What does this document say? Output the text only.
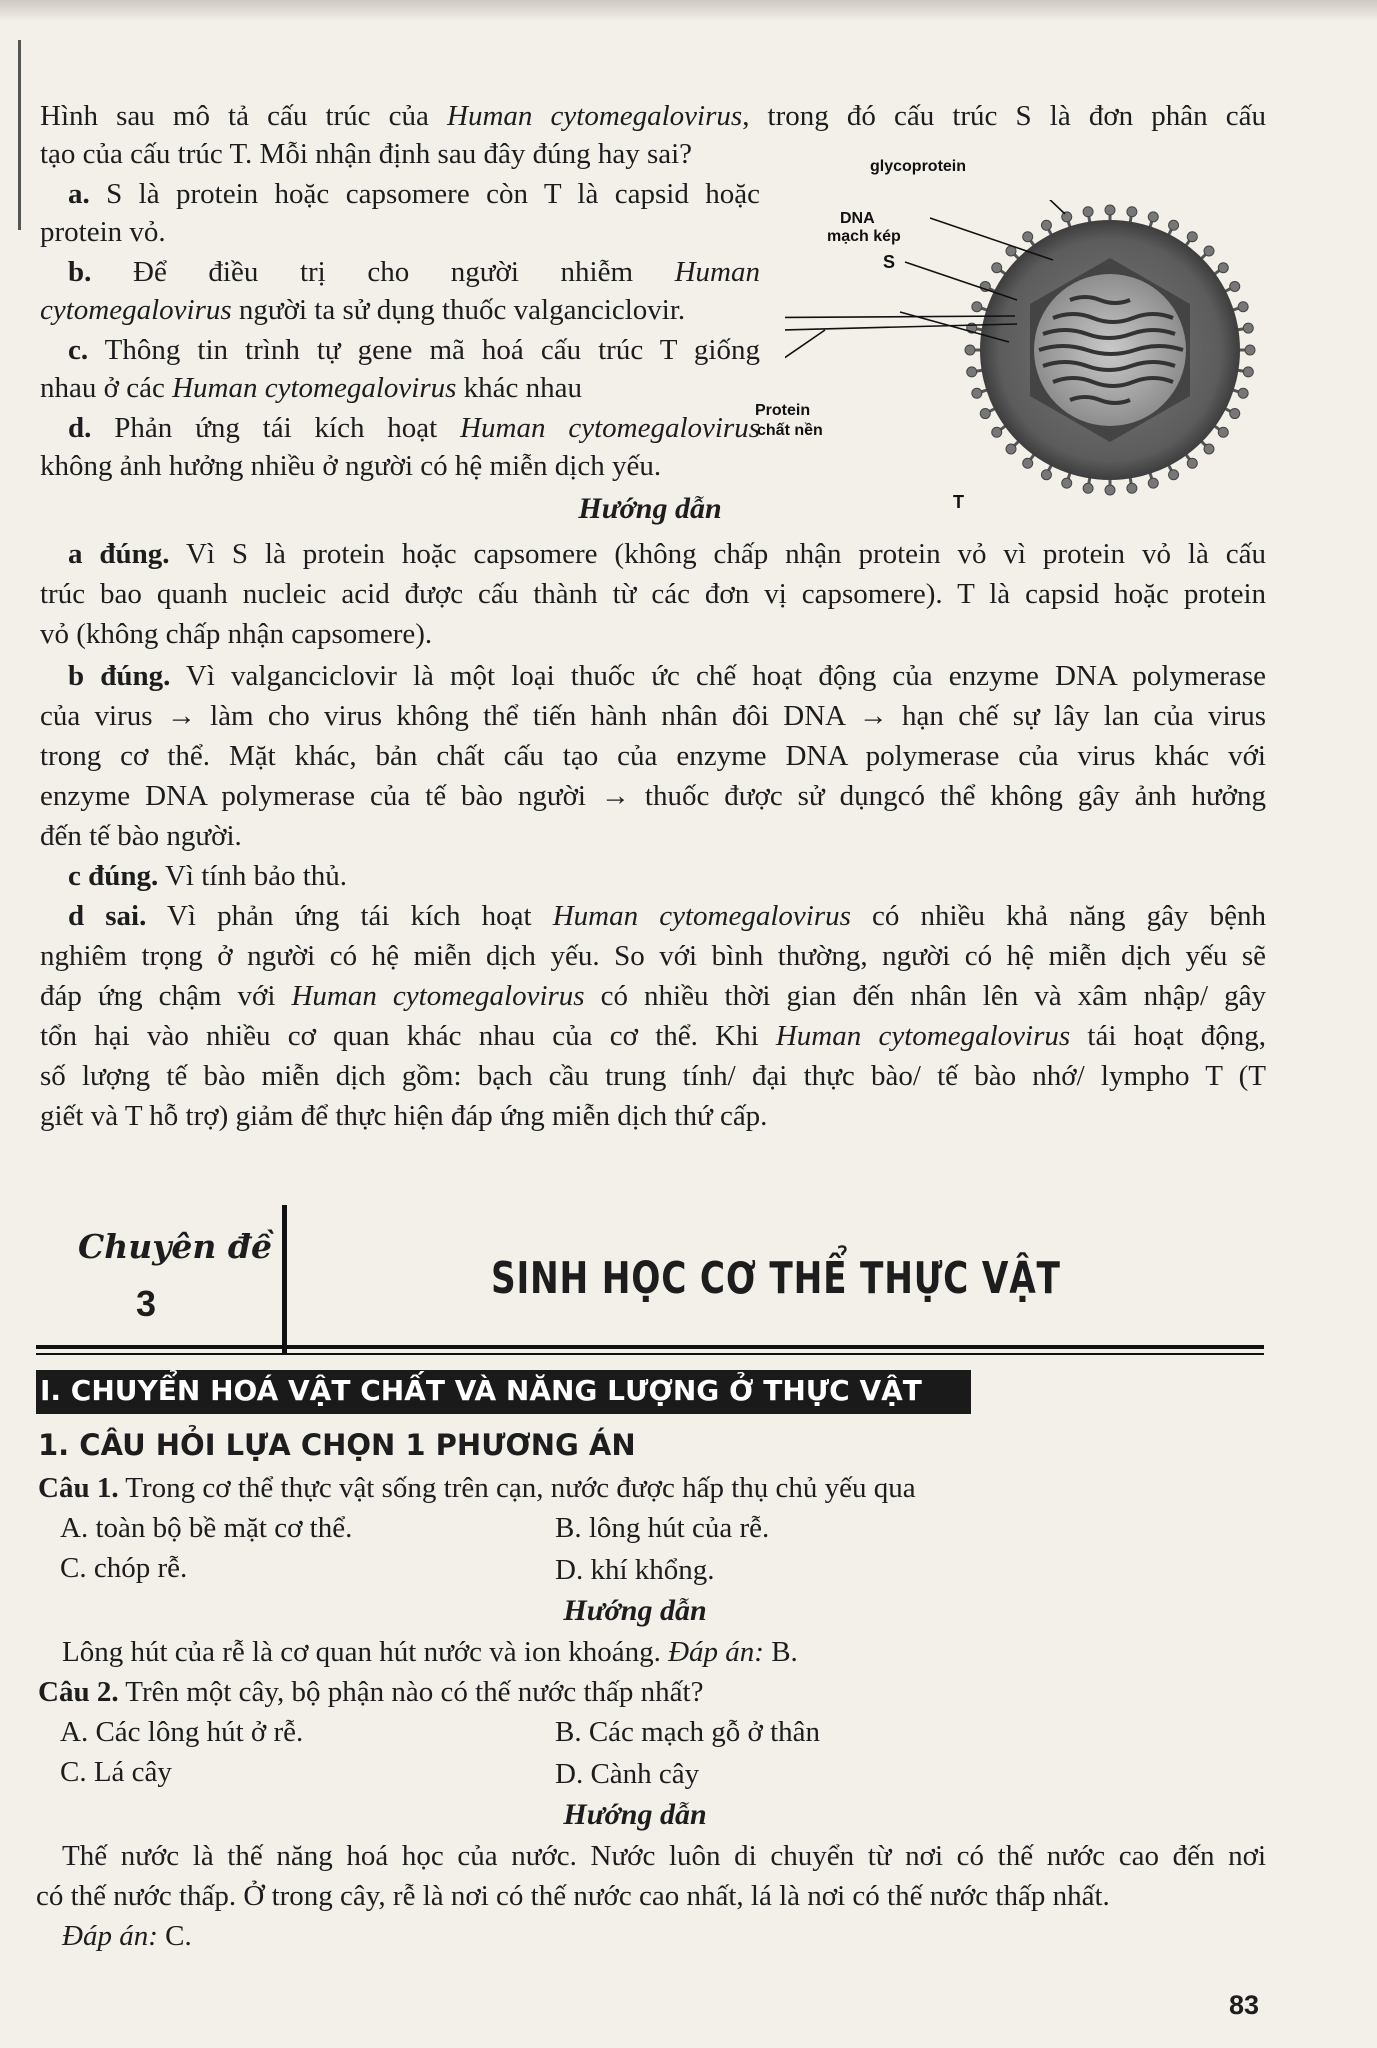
Hình sau mô tả cấu trúc của Human cytomegalovirus, trong đó cấu trúc S là đơn phân cấu
tạo của cấu trúc T. Mỗi nhận định sau đây đúng hay sai?
a. S là protein hoặc capsomere còn T là capsid hoặc
protein vỏ.
b. Để điều trị cho người nhiễm Human
cytomegalovirus người ta sử dụng thuốc valganciclovir.
c. Thông tin trình tự gene mã hoá cấu trúc T giống
nhau ở các Human cytomegalovirus khác nhau
d. Phản ứng tái kích hoạt Human cytomegalovirus
không ảnh hưởng nhiều ở người có hệ miễn dịch yếu.
glycoprotein
DNA
mạch kép
S
Protein
chất nền
T
Hướng dẫn
a đúng. Vì S là protein hoặc capsomere (không chấp nhận protein vỏ vì protein vỏ là cấu
trúc bao quanh nucleic acid được cấu thành từ các đơn vị capsomere). T là capsid hoặc protein
vỏ (không chấp nhận capsomere).
b đúng. Vì valganciclovir là một loại thuốc ức chế hoạt động của enzyme DNA polymerase
của virus → làm cho virus không thể tiến hành nhân đôi DNA → hạn chế sự lây lan của virus
trong cơ thể. Mặt khác, bản chất cấu tạo của enzyme DNA polymerase của virus khác với
enzyme DNA polymerase của tế bào người → thuốc được sử dụngcó thể không gây ảnh hưởng
đến tế bào người.
c đúng. Vì tính bảo thủ.
d sai. Vì phản ứng tái kích hoạt Human cytomegalovirus có nhiều khả năng gây bệnh
nghiêm trọng ở người có hệ miễn dịch yếu. So với bình thường, người có hệ miễn dịch yếu sẽ
đáp ứng chậm với Human cytomegalovirus có nhiều thời gian đến nhân lên và xâm nhập/ gây
tổn hại vào nhiều cơ quan khác nhau của cơ thể. Khi Human cytomegalovirus tái hoạt động,
số lượng tế bào miễn dịch gồm: bạch cầu trung tính/ đại thực bào/ tế bào nhớ/ lympho T (T
giết và T hỗ trợ) giảm để thực hiện đáp ứng miễn dịch thứ cấp.
Chuyên đề
3	SINH HỌC CƠ THỂ THỰC VẬT
I. CHUYỂN HOÁ VẬT CHẤT VÀ NĂNG LƯỢNG Ở THỰC VẬT
1. CÂU HỎI LỰA CHỌN 1 PHƯƠNG ÁN
Câu 1. Trong cơ thể thực vật sống trên cạn, nước được hấp thụ chủ yếu qua
A. toàn bộ bề mặt cơ thể.	B. lông hút của rễ.
C. chóp rễ.	D. khí khổng.
Hướng dẫn
Lông hút của rễ là cơ quan hút nước và ion khoáng. Đáp án: B.
Câu 2. Trên một cây, bộ phận nào có thế nước thấp nhất?
A. Các lông hút ở rễ.	B. Các mạch gỗ ở thân
C. Lá cây	D. Cành cây
Hướng dẫn
Thế nước là thế năng hoá học của nước. Nước luôn di chuyển từ nơi có thế nước cao đến nơi
có thế nước thấp. Ở trong cây, rễ là nơi có thế nước cao nhất, lá là nơi có thế nước thấp nhất.
Đáp án: C.
83
